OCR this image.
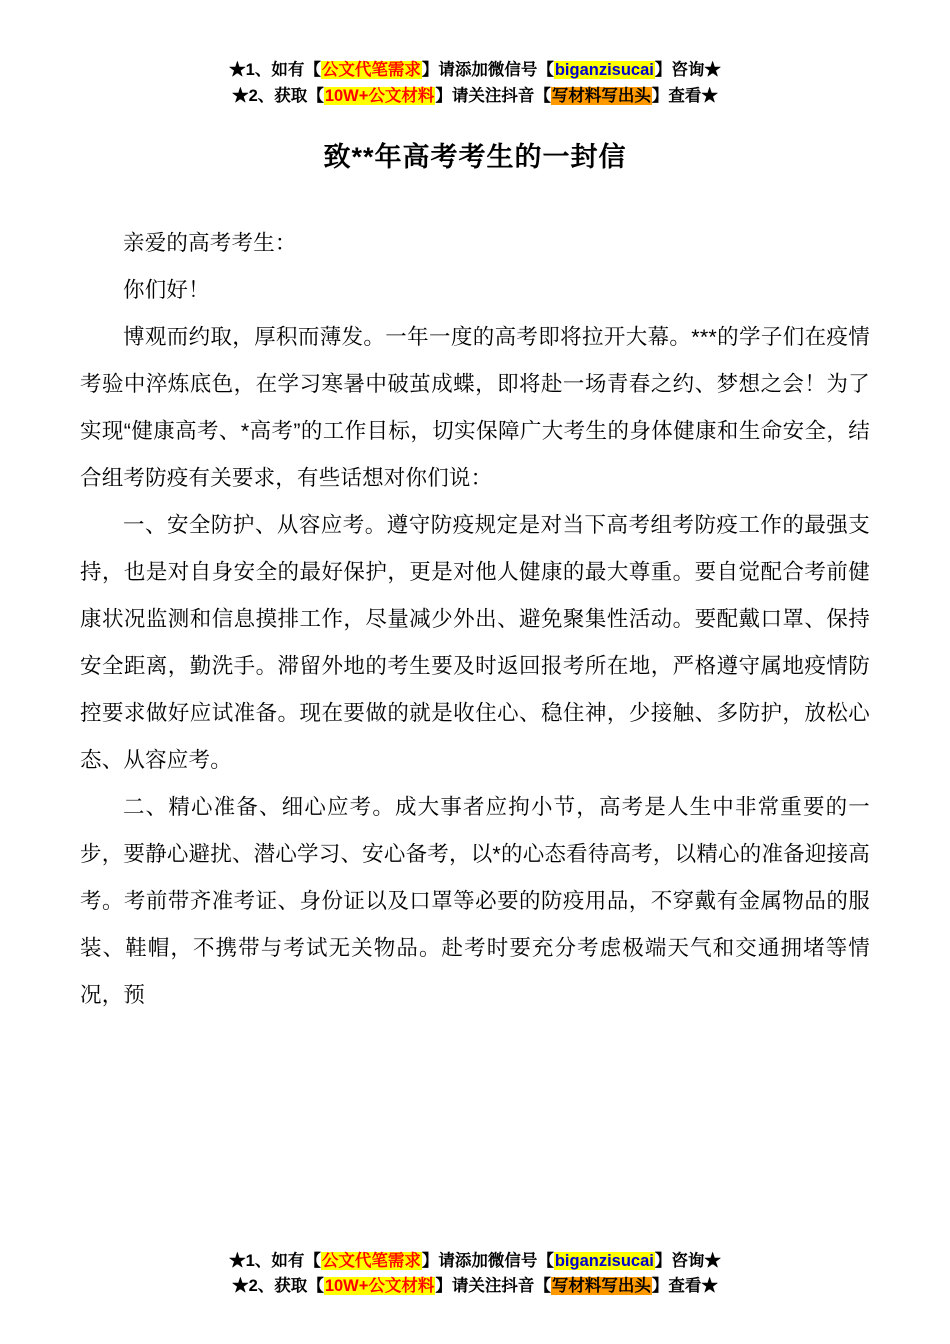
★1、如有【公文代笔需求】请添加微信号【biganzisucai】咨询★
★2、获取【10W+公文材料】请关注抖音【写材料写出头】查看★
致**年高考考生的一封信

亲爱的高考考生：

你们好！

博观而约取，厚积而薄发。一年一度的高考即将拉开大幕。***的学子们在疫情考验中淬炼底色，在学习寒暑中破茧成蝶，即将赴一场青春之约、梦想之会！为了实现“健康高考、*高考”的工作目标，切实保障广大考生的身体健康和生命安全，结合组考防疫有关要求，有些话想对你们说：

一、安全防护、从容应考。遵守防疫规定是对当下高考组考防疫工作的最强支持，也是对自身安全的最好保护，更是对他人健康的最大尊重。要自觉配合考前健康状况监测和信息摸排工作，尽量减少外出、避免聚集性活动。要配戴口罩、保持安全距离，勤洗手。滞留外地的考生要及时返回报考所在地，严格遵守属地疫情防控要求做好应试准备。现在要做的就是收住心、稳住神，少接触、多防护，放松心态、从容应考。

二、精心准备、细心应考。成大事者应拘小节，高考是人生中非常重要的一步，要静心避扰、潜心学习、安心备考，以*的心态看待高考，以精心的准备迎接高考。考前带齐准考证、身份证以及口罩等必要的防疫用品，不穿戴有金属物品的服装、鞋帽，不携带与考试无关物品。赴考时要充分考虑极端天气和交通拥堵等情况，预

★1、如有【公文代笔需求】请添加微信号【biganzisucai】咨询★
★2、获取【10W+公文材料】请关注抖音【写材料写出头】查看★
